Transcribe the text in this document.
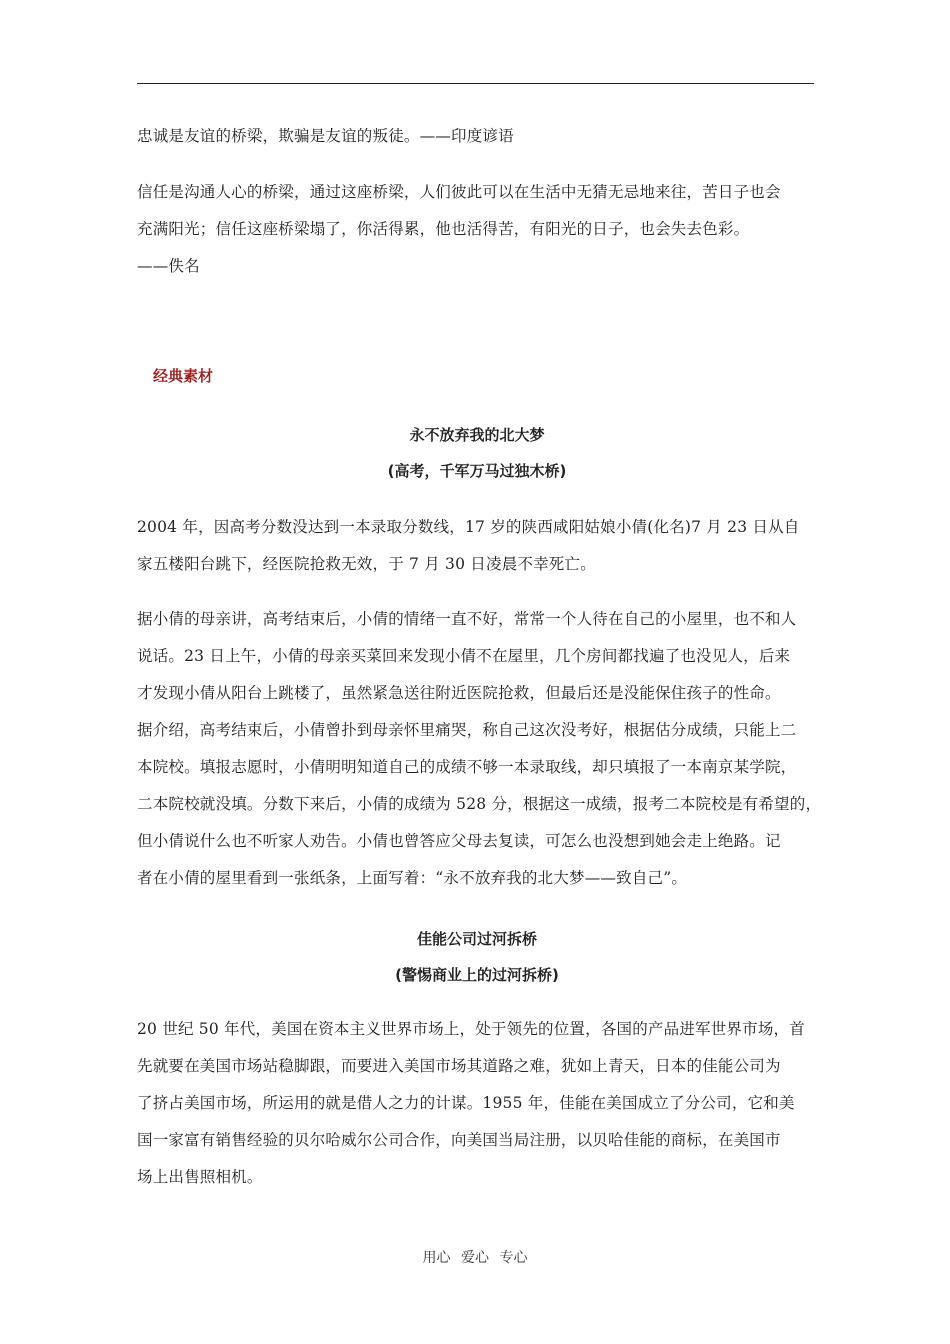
忠诚是友谊的桥梁，欺骗是友谊的叛徒。——印度谚语

信任是沟通人心的桥梁，通过这座桥梁，人们彼此可以在生活中无猜无忌地来往，苦日子也会
充满阳光；信任这座桥梁塌了，你活得累，他也活得苦，有阳光的日子，也会失去色彩。
——佚名

经典素材
永不放弃我的北大梦
(高考，千军万马过独木桥)

2004 年，因高考分数没达到一本录取分数线，17 岁的陕西咸阳姑娘小倩(化名)7 月 23 日从自
家五楼阳台跳下，经医院抢救无效，于 7 月 30 日凌晨不幸死亡。

据小倩的母亲讲，高考结束后，小倩的情绪一直不好，常常一个人待在自己的小屋里，也不和人
说话。23 日上午，小倩的母亲买菜回来发现小倩不在屋里，几个房间都找遍了也没见人，后来
才发现小倩从阳台上跳楼了，虽然紧急送往附近医院抢救，但最后还是没能保住孩子的性命。
据介绍，高考结束后，小倩曾扑到母亲怀里痛哭，称自己这次没考好，根据估分成绩，只能上二
本院校。填报志愿时，小倩明明知道自己的成绩不够一本录取线，却只填报了一本南京某学院，
二本院校就没填。分数下来后，小倩的成绩为 528 分，根据这一成绩，报考二本院校是有希望的，
但小倩说什么也不听家人劝告。小倩也曾答应父母去复读，可怎么也没想到她会走上绝路。记
者在小倩的屋里看到一张纸条，上面写着：“永不放弃我的北大梦——致自己”。

佳能公司过河拆桥
(警惕商业上的过河拆桥)

20 世纪 50 年代，美国在资本主义世界市场上，处于领先的位置，各国的产品进军世界市场，首
先就要在美国市场站稳脚跟，而要进入美国市场其道路之难，犹如上青天，日本的佳能公司为
了挤占美国市场，所运用的就是借人之力的计谋。1955 年，佳能在美国成立了分公司，它和美
国一家富有销售经验的贝尔哈威尔公司合作，向美国当局注册，以贝哈佳能的商标，在美国市
场上出售照相机。

用心 爱心 专心
